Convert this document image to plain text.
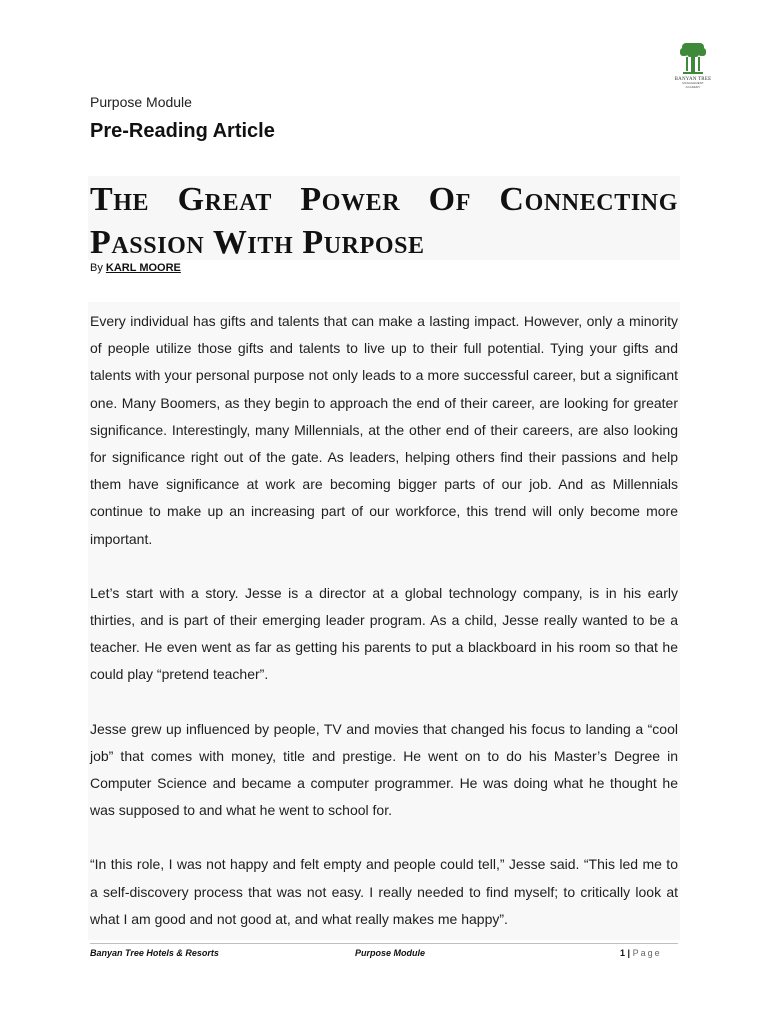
BANYAN TREE
MANAGEMENT
ACADEMY
Purpose Module
Pre-Reading Article
The Great Power Of Connecting Passion With Purpose
By KARL MOORE

Every individual has gifts and talents that can make a lasting impact. However, only a minority of people utilize those gifts and talents to live up to their full potential. Tying your gifts and talents with your personal purpose not only leads to a more successful career, but a significant one. Many Boomers, as they begin to approach the end of their career, are looking for greater significance. Interestingly, many Millennials, at the other end of their careers, are also looking for significance right out of the gate. As leaders, helping others find their passions and help them have significance at work are becoming bigger parts of our job. And as Millennials continue to make up an increasing part of our workforce, this trend will only become more important.

Let’s start with a story. Jesse is a director at a global technology company, is in his early thirties, and is part of their emerging leader program. As a child, Jesse really wanted to be a teacher. He even went as far as getting his parents to put a blackboard in his room so that he could play “pretend teacher”.

Jesse grew up influenced by people, TV and movies that changed his focus to landing a “cool job” that comes with money, title and prestige. He went on to do his Master’s Degree in Computer Science and became a computer programmer. He was doing what he thought he was supposed to and what he went to school for.

“In this role, I was not happy and felt empty and people could tell,” Jesse said. “This led me to a self-discovery process that was not easy. I really needed to find myself; to critically look at what I am good and not good at, and what really makes me happy”.

Banyan Tree Hotels & Resorts	Purpose Module	1 | Page
